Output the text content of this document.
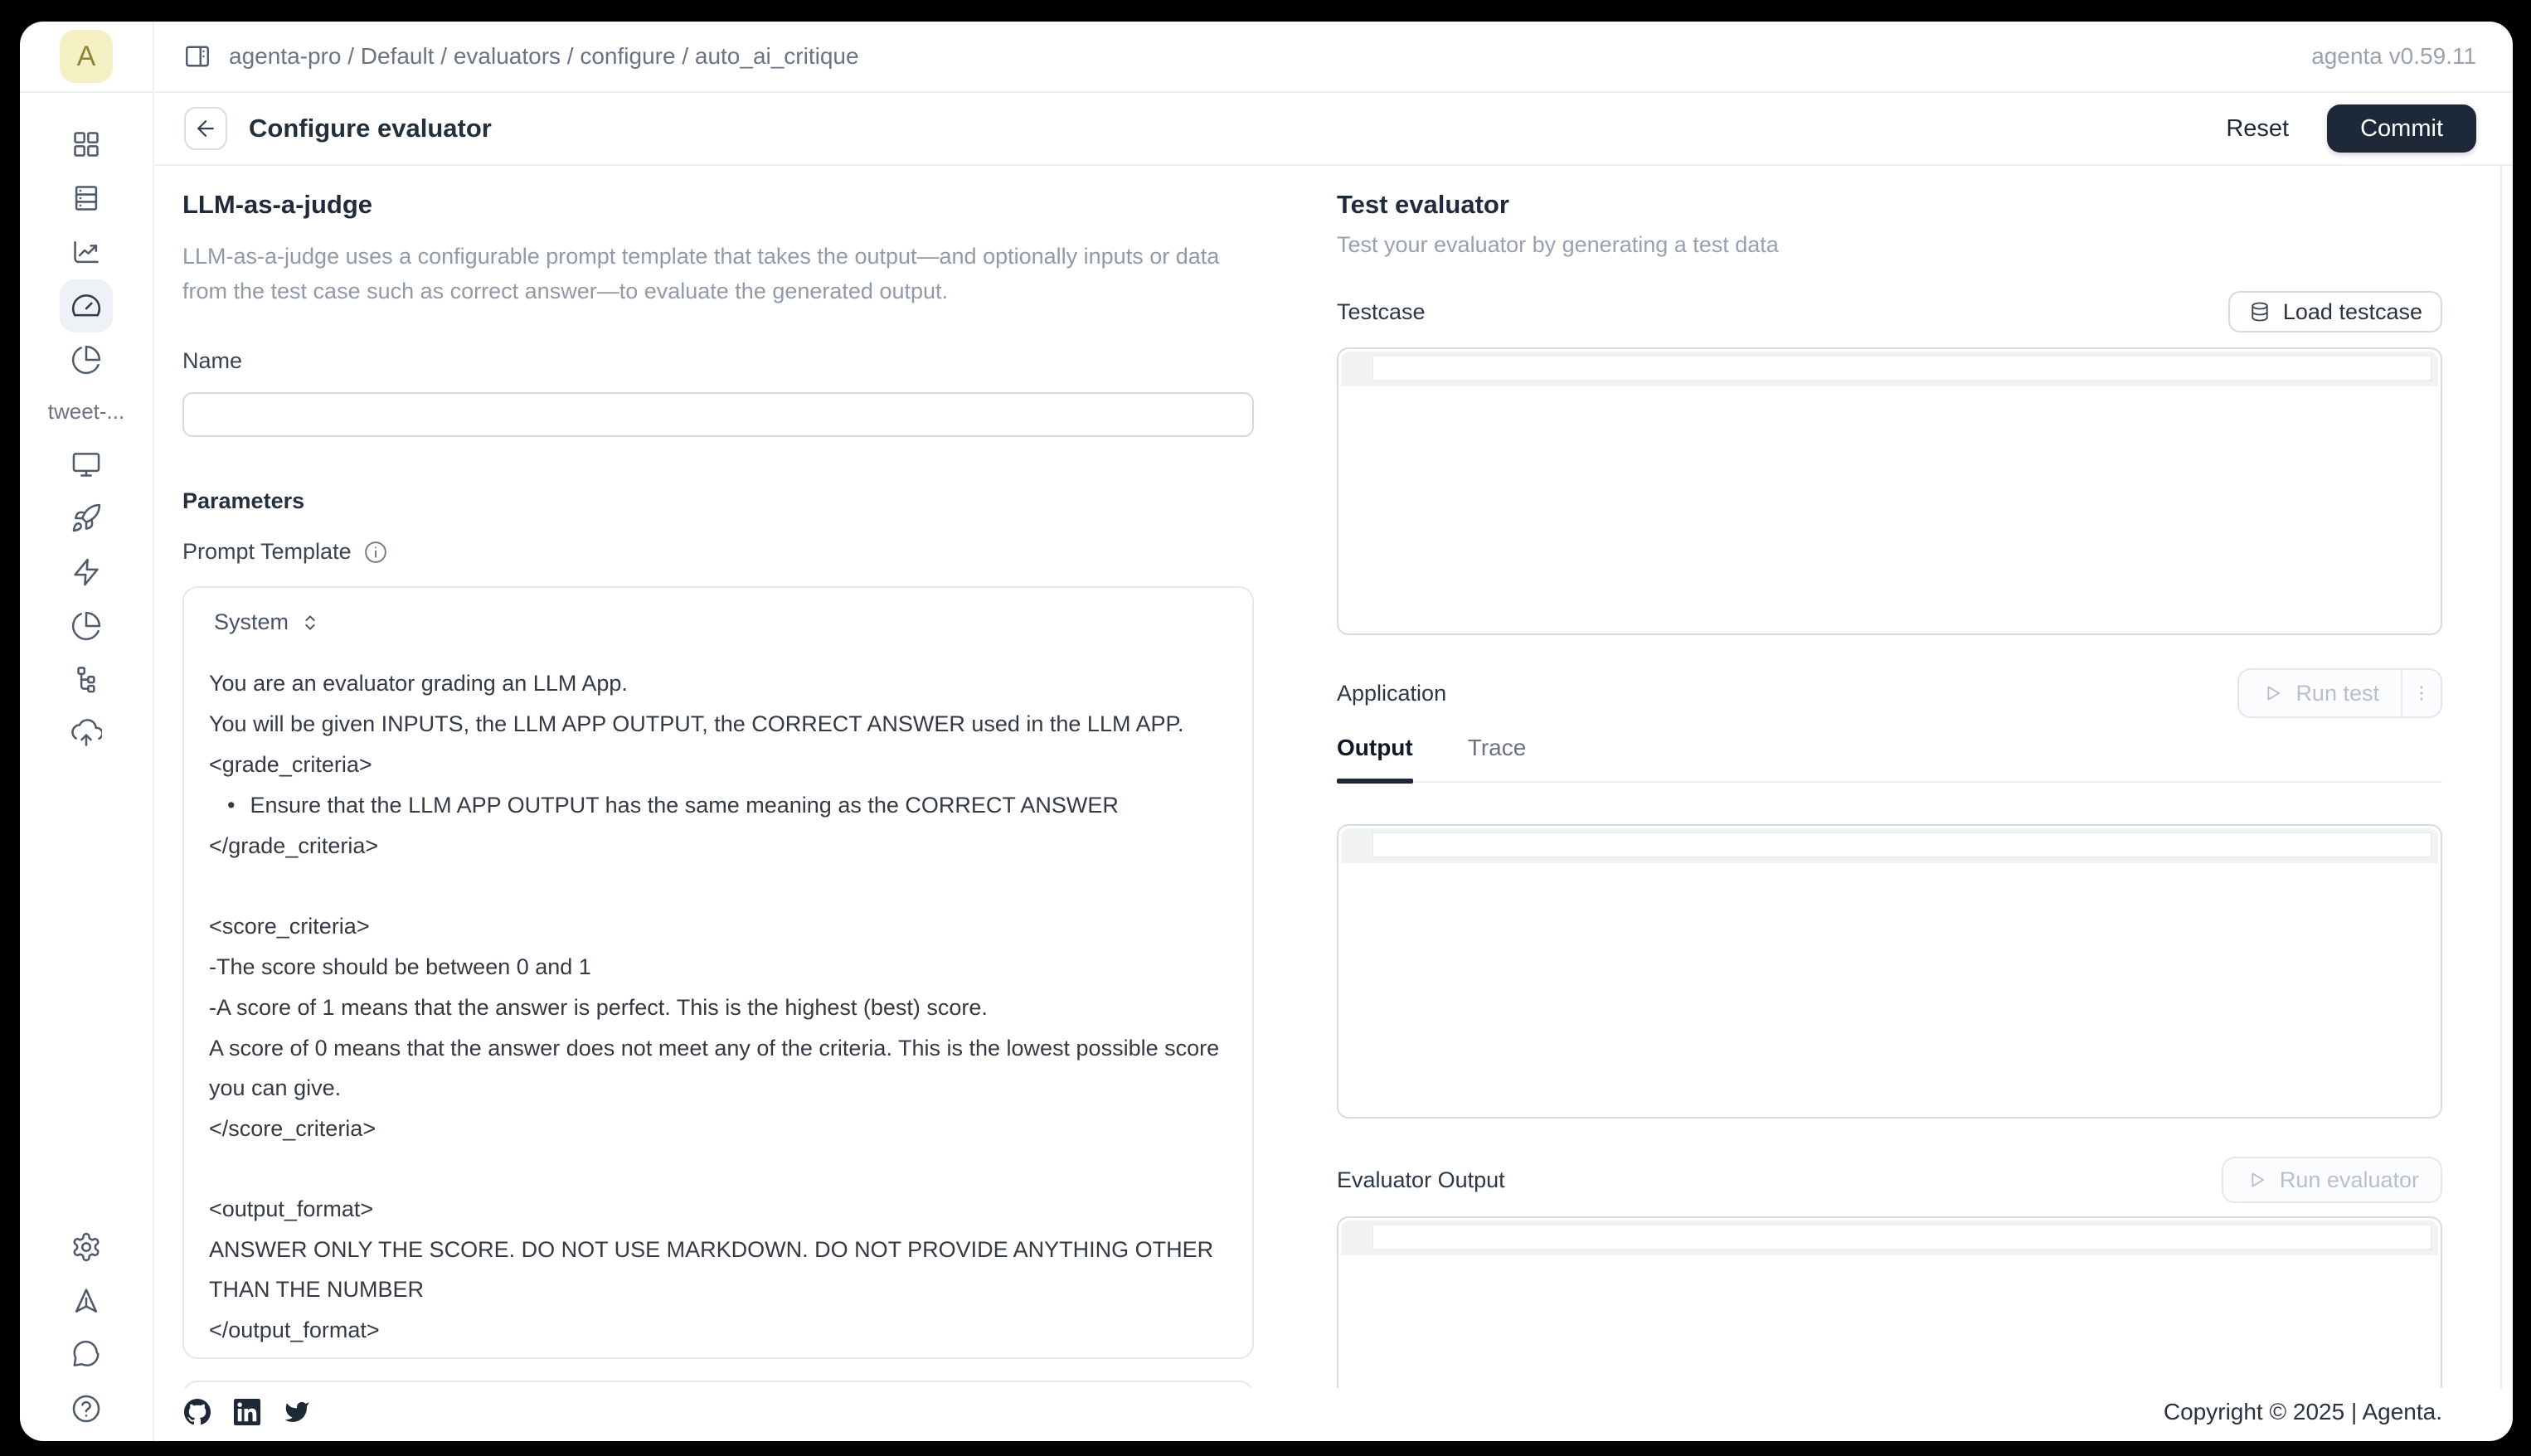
A
tweet-...
agenta-pro / Default / evaluators / configure / auto_ai_critique	agenta v0.59.11
Configure evaluator	Reset	Commit
LLM-as-a-judge
LLM-as-a-judge uses a configurable prompt template that takes the output—and optionally inputs or data from the test case such as correct answer—to evaluate the generated output.
Name
Parameters
Prompt Template
System

You are an evaluator grading an LLM App.

You will be given INPUTS, the LLM APP OUTPUT, the CORRECT ANSWER used in the LLM APP.

<grade_criteria>

• Ensure that the LLM APP OUTPUT has the same meaning as the CORRECT ANSWER

</grade_criteria>

<score_criteria>

-The score should be between 0 and 1

-A score of 1 means that the answer is perfect. This is the highest (best) score.

A score of 0 means that the answer does not meet any of the criteria. This is the lowest possible score you can give.

</score_criteria>

<output_format>

ANSWER ONLY THE SCORE. DO NOT USE MARKDOWN. DO NOT PROVIDE ANYTHING OTHER THAN THE NUMBER

</output_format>

Test evaluator
Test your evaluator by generating a test data
Testcase	Load testcase
Application	Run test
Output Trace
Evaluator Output	Run evaluator
Copyright © 2025 | Agenta.
